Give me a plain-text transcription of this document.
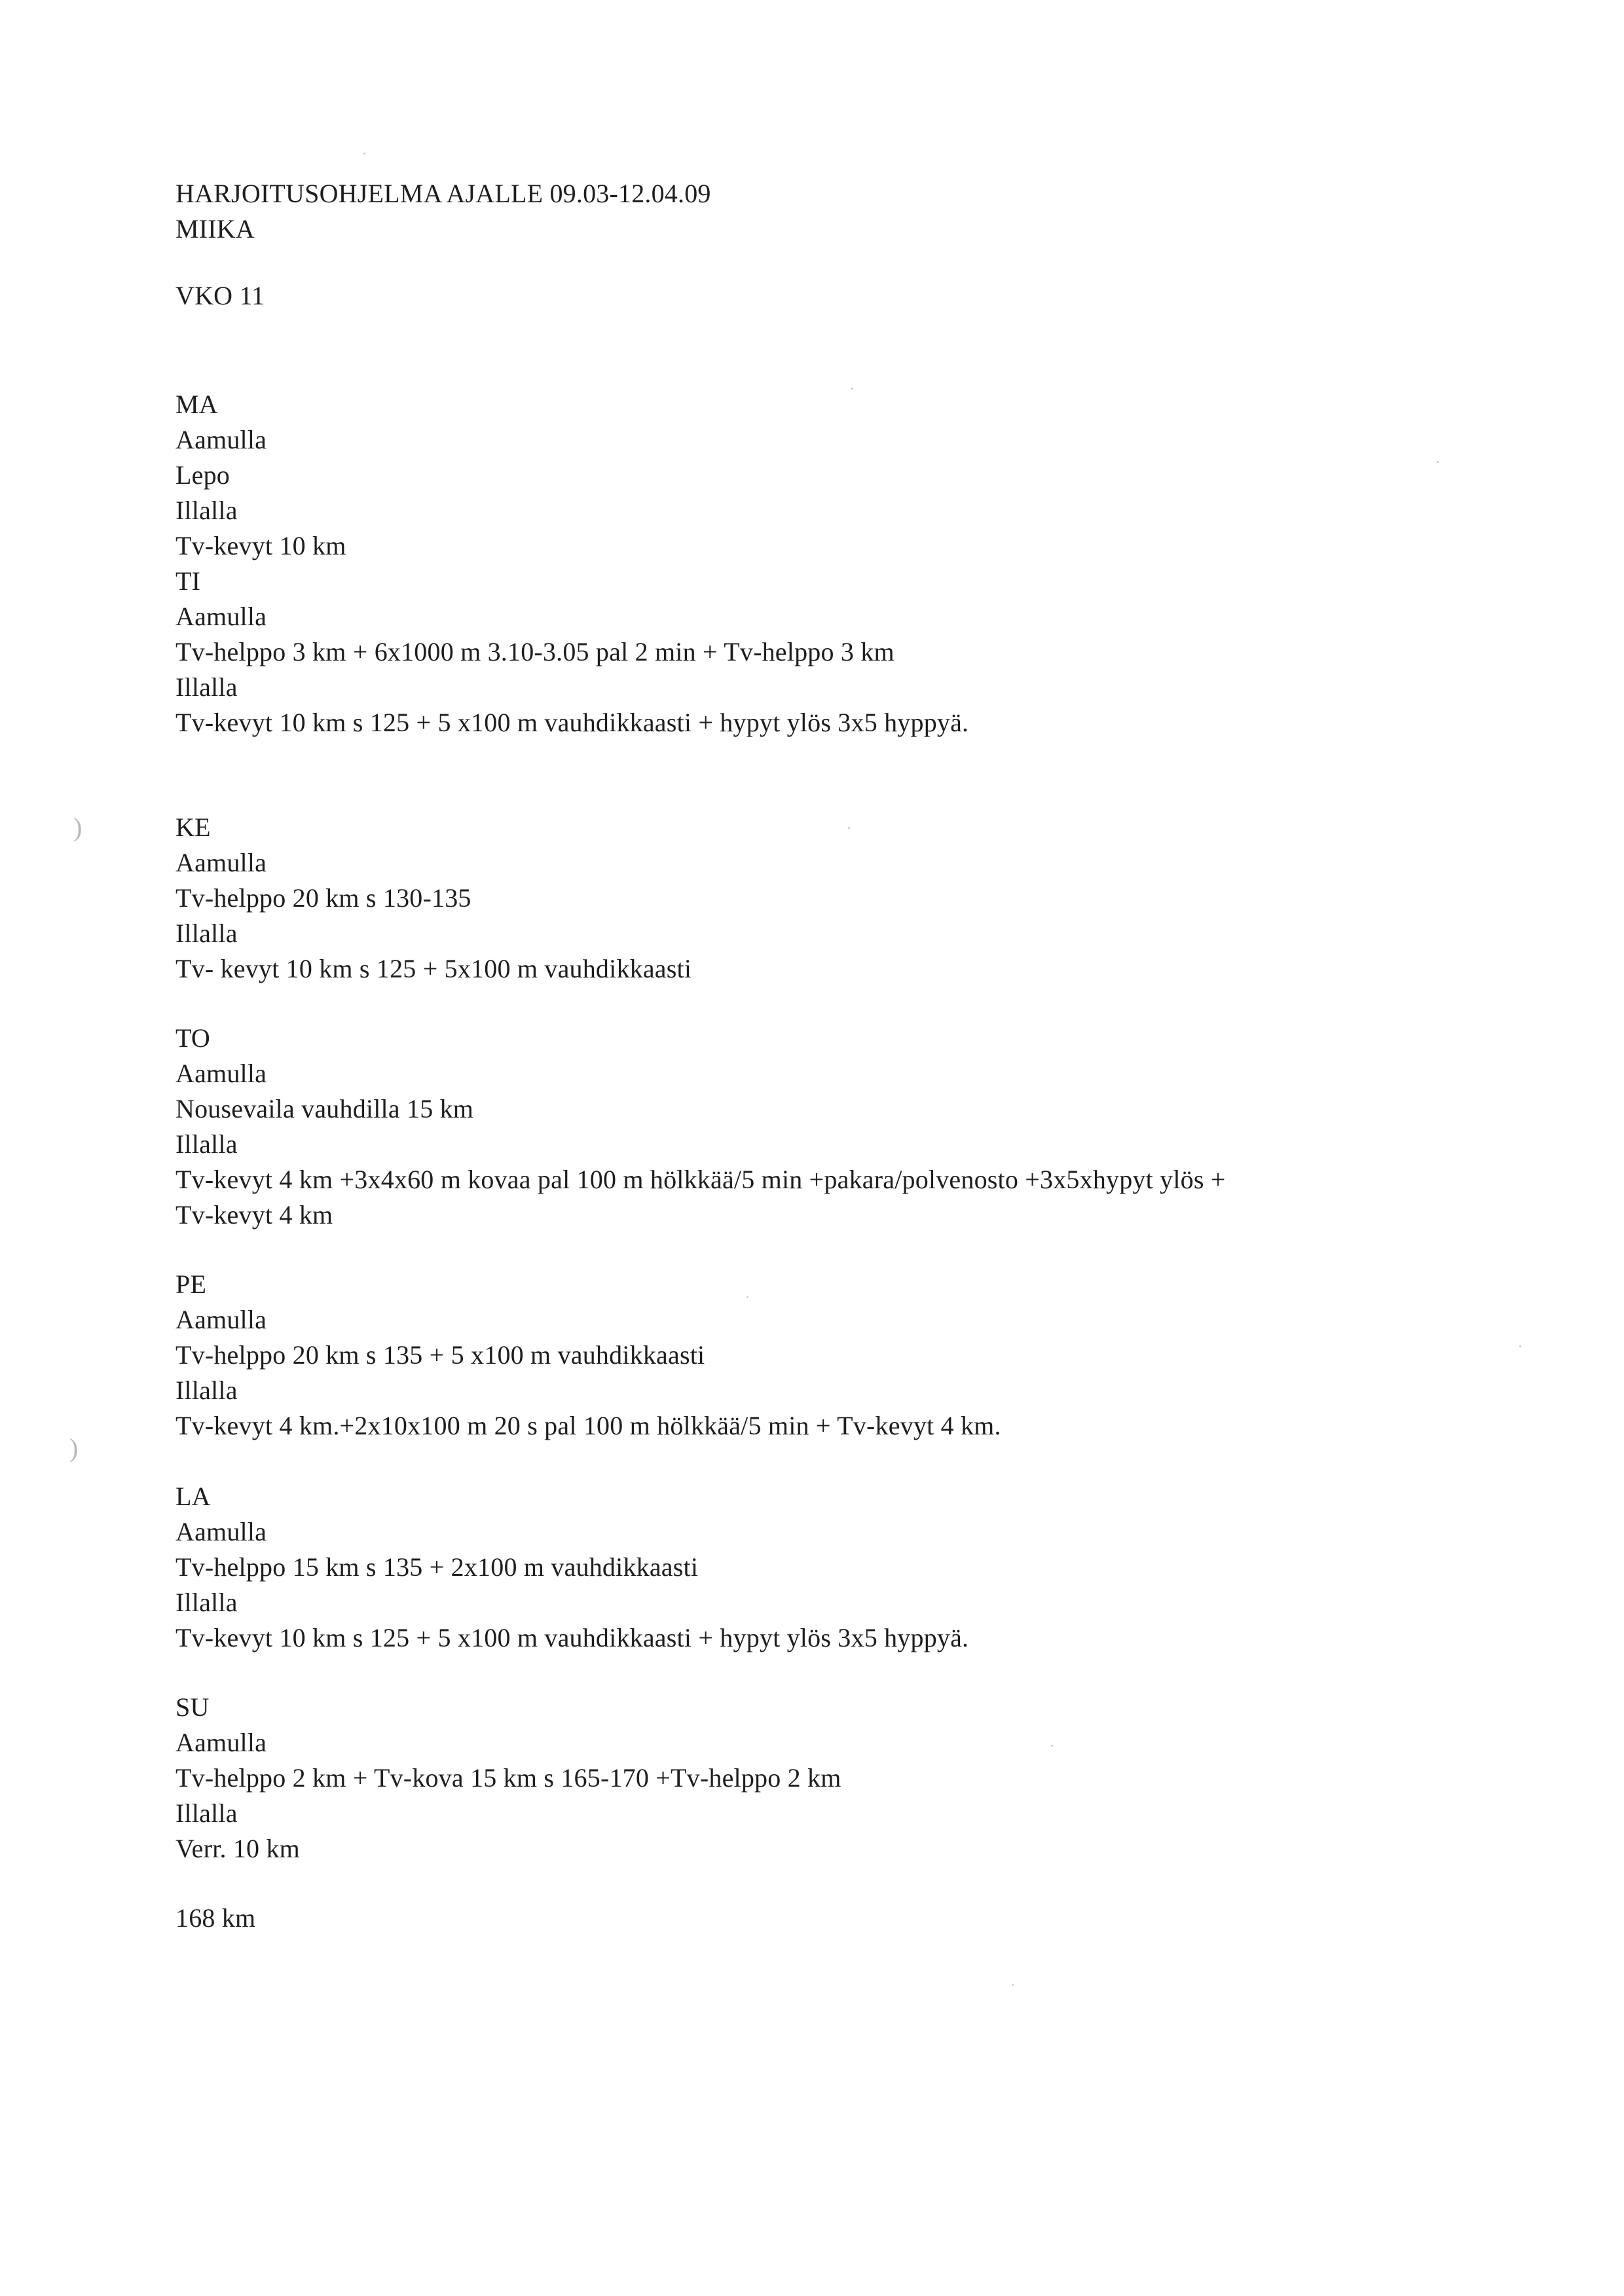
)
)
HARJOITUSOHJELMA AJALLE 09.03-12.04.09
MIIKA
VKO 11
MA
Aamulla
Lepo
Illalla
Tv-kevyt 10 km
TI
Aamulla
Tv-helppo 3 km + 6x1000 m 3.10-3.05 pal 2 min + Tv-helppo 3 km
Illalla
Tv-kevyt 10 km s 125 + 5 x100 m vauhdikkaasti + hypyt ylös 3x5 hyppyä.
KE
Aamulla
Tv-helppo 20 km s 130-135
Illalla
Tv- kevyt 10 km s 125 + 5x100 m vauhdikkaasti
TO
Aamulla
Nousevaila vauhdilla 15 km
Illalla
Tv-kevyt 4 km +3x4x60 m kovaa pal 100 m hölkkää/5 min +pakara/polvenosto +3x5xhypyt ylös +
Tv-kevyt 4 km
PE
Aamulla
Tv-helppo 20 km s 135 + 5 x100 m vauhdikkaasti
Illalla
Tv-kevyt 4 km.+2x10x100 m 20 s pal 100 m hölkkää/5 min + Tv-kevyt 4 km.
LA
Aamulla
Tv-helppo 15 km s 135 + 2x100 m vauhdikkaasti
Illalla
Tv-kevyt 10 km s 125 + 5 x100 m vauhdikkaasti + hypyt ylös 3x5 hyppyä.
SU
Aamulla
Tv-helppo 2 km + Tv-kova 15 km s 165-170 +Tv-helppo 2 km
Illalla
Verr. 10 km
168 km
